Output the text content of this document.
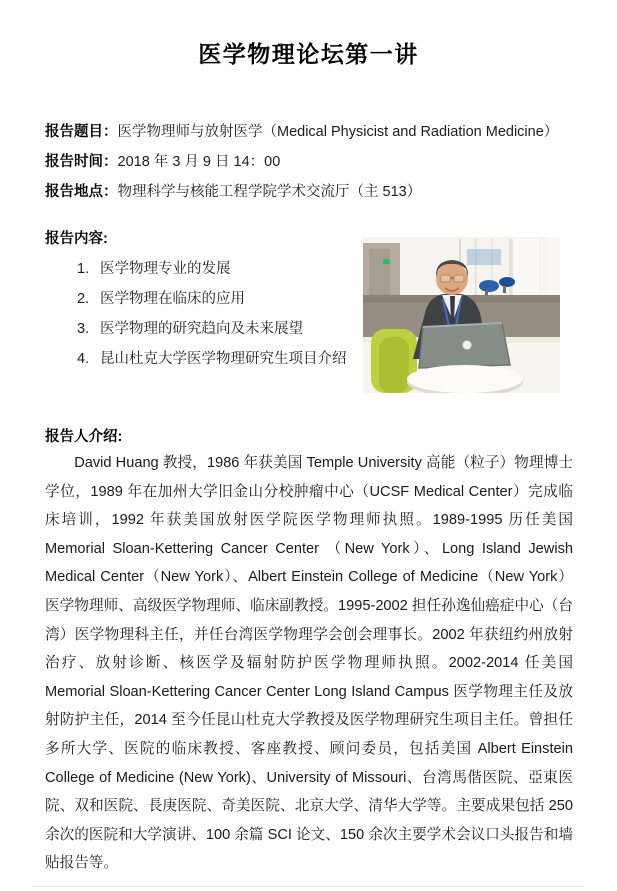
医学物理论坛第一讲
报告题目：医学物理师与放射医学（Medical Physicist and Radiation Medicine）
报告时间：2018 年 3 月 9 日 14：00
报告地点：物理科学与核能工程学院学术交流厅（主 513）
报告内容:
1. 医学物理专业的发展
2. 医学物理在临床的应用
3. 医学物理的研究趋向及未来展望
4. 昆山杜克大学医学物理研究生项目介绍
报告人介绍:

David Huang 教授，1986 年获美国 Temple University 高能（粒子）物理博士学位，1989 年在加州大学旧金山分校肿瘤中心（UCSF Medical Center）完成临床培训，1992 年获美国放射医学院医学物理师执照。1989-1995 历任美国 Memorial Sloan-Kettering Cancer Center （New York）、Long Island Jewish Medical Center（New York）、Albert Einstein College of Medicine（New York）医学物理师、高级医学物理师、临床副教授。1995-2002 担任孙逸仙癌症中心（台湾）医学物理科主任，并任台湾医学物理学会创会理事长。2002 年获纽约州放射治疗、放射诊断、核医学及辐射防护医学物理师执照。2002-2014 任美国 Memorial Sloan-Kettering Cancer Center Long Island Campus 医学物理主任及放射防护主任，2014 至今任昆山杜克大学教授及医学物理研究生项目主任。曾担任多所大学、医院的临床教授、客座教授、顾问委员，包括美国 Albert Einstein College of Medicine (New York)、University of Missouri、台湾馬偕医院、亞東医院、双和医院、長庚医院、奇美医院、北京大学、清华大学等。主要成果包括 250 余次的医院和大学演讲、100 余篇 SCI 论文、150 余次主要学术会议口头报告和墙贴报告等。
